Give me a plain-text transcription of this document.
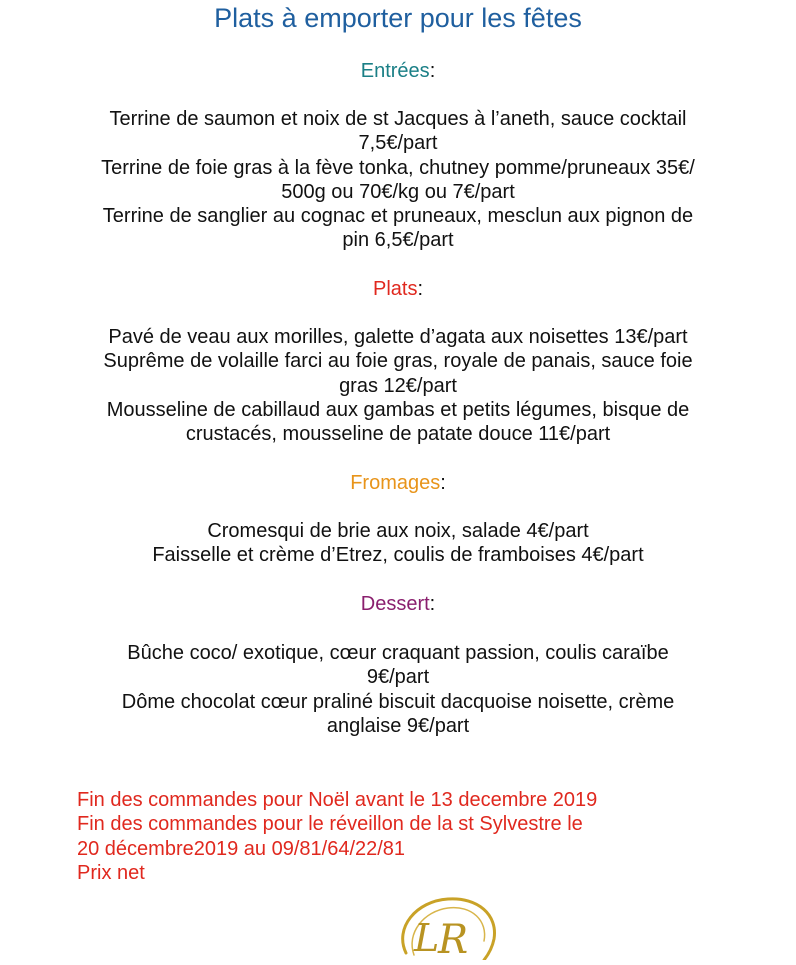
Plats à emporter pour les fêtes
Entrées:
Terrine de saumon et noix de st Jacques à l’aneth, sauce cocktail
7,5€/part
Terrine de foie gras à la fève tonka, chutney pomme/pruneaux 35€/
500g ou 70€/kg ou 7€/part
Terrine de sanglier au cognac et pruneaux, mesclun aux pignon de
pin 6,5€/part
Plats:
Pavé de veau aux morilles, galette d’agata aux noisettes 13€/part
Suprême de volaille farci au foie gras, royale de panais, sauce foie
gras 12€/part
Mousseline de cabillaud aux gambas et petits légumes, bisque de
crustacés, mousseline de patate douce 11€/part
Fromages:
Cromesqui de brie aux noix, salade 4€/part
Faisselle et crème d’Etrez, coulis de framboises 4€/part
Dessert:
Bûche coco/ exotique, cœur craquant passion, coulis caraïbe
9€/part
Dôme chocolat cœur praliné biscuit dacquoise noisette, crème
anglaise 9€/part
Fin des commandes pour Noël avant le 13 decembre 2019
Fin des commandes pour le réveillon de la st Sylvestre le
20 décembre2019 au 09/81/64/22/81
Prix net
L
R
